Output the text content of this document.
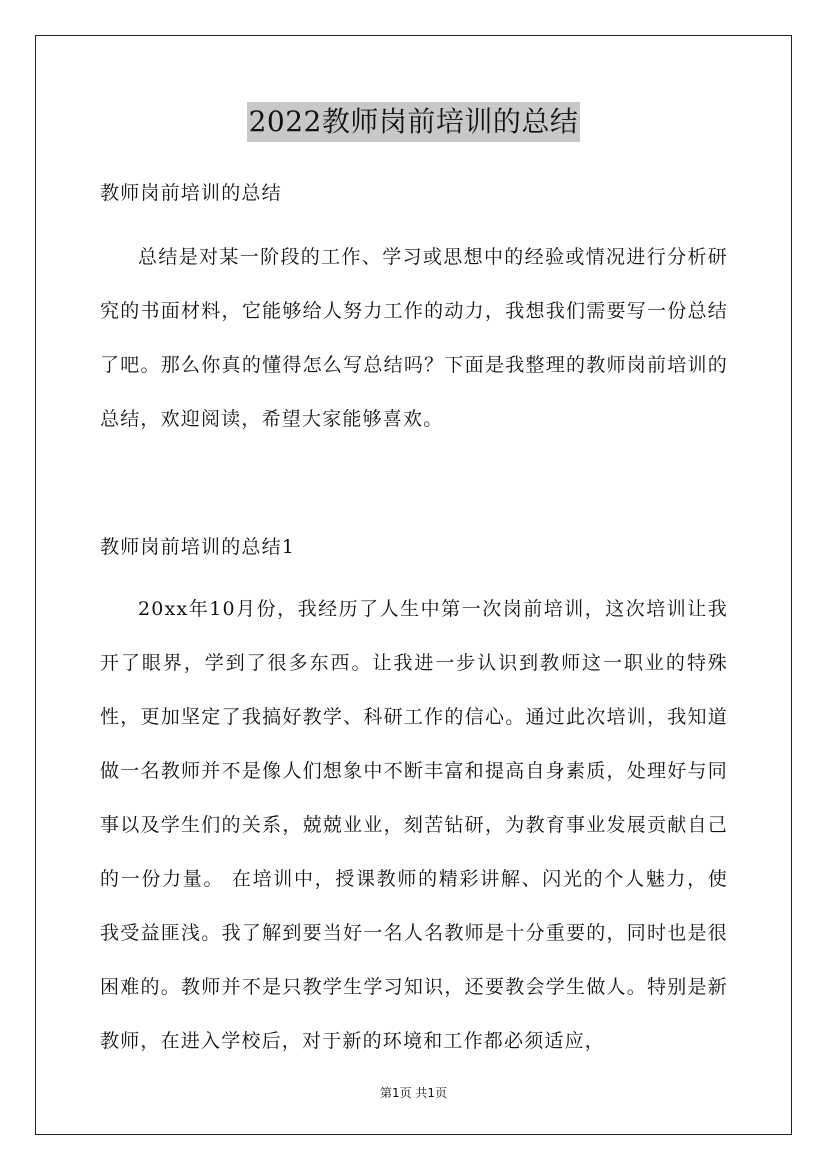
2022教师岗前培训的总结

教师岗前培训的总结

总结是对某一阶段的工作、学习或思想中的经验或情况进行分析研究的书面材料，它能够给人努力工作的动力，我想我们需要写一份总结了吧。那么你真的懂得怎么写总结吗？下面是我整理的教师岗前培训的总结，欢迎阅读，希望大家能够喜欢。

教师岗前培训的总结1

20xx年10月份，我经历了人生中第一次岗前培训，这次培训让我开了眼界，学到了很多东西。让我进一步认识到教师这一职业的特殊性，更加坚定了我搞好教学、科研工作的信心。通过此次培训，我知道做一名教师并不是像人们想象中不断丰富和提高自身素质，处理好与同事以及学生们的关系，兢兢业业，刻苦钻研，为教育事业发展贡献自己的一份力量。 在培训中，授课教师的精彩讲解、闪光的个人魅力，使我受益匪浅。我了解到要当好一名人名教师是十分重要的，同时也是很困难的。教师并不是只教学生学习知识，还要教会学生做人。特别是新教师，在进入学校后，对于新的环境和工作都必须适应，

第1页 共1页
